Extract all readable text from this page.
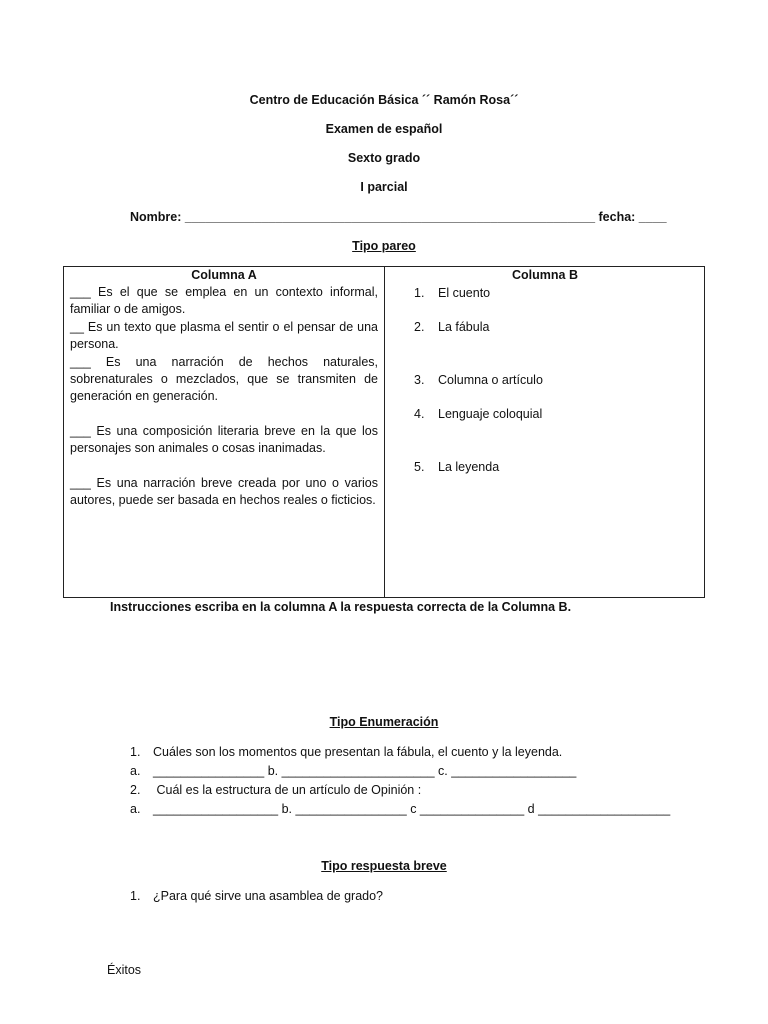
Centro de Educación Básica ´´ Ramón Rosa´´
Examen de español
Sexto grado
I parcial
Nombre: ___________________________________________________________ fecha: ____
Tipo pareo
Columna A

___ Es el que se emplea en un contexto informal, familiar o de amigos.

__ Es un texto que plasma el sentir o el pensar de una persona.

___ Es una narración de hechos naturales, sobrenaturales o mezclados, que se transmiten de generación en generación.

___ Es una composición literaria breve en la que los personajes son animales o cosas inanimadas.

___ Es una narración breve creada por uno o varios autores, puede ser basada en hechos reales o ficticios.

Columna B
1. El cuento
2. La fábula
3. Columna o artículo
4. Lenguaje coloquial
5. La leyenda
Instrucciones escriba en la columna A la respuesta correcta de la Columna B.
Tipo Enumeración
1. Cuáles son los momentos que presentan la fábula, el cuento y la leyenda.
a. ________________ b. ______________________ c. __________________
2. Cuál es la estructura de un artículo de Opinión :
a. __________________ b. ________________ c _______________ d ___________________
Tipo respuesta breve
1. ¿Para qué sirve una asamblea de grado?
Éxitos
